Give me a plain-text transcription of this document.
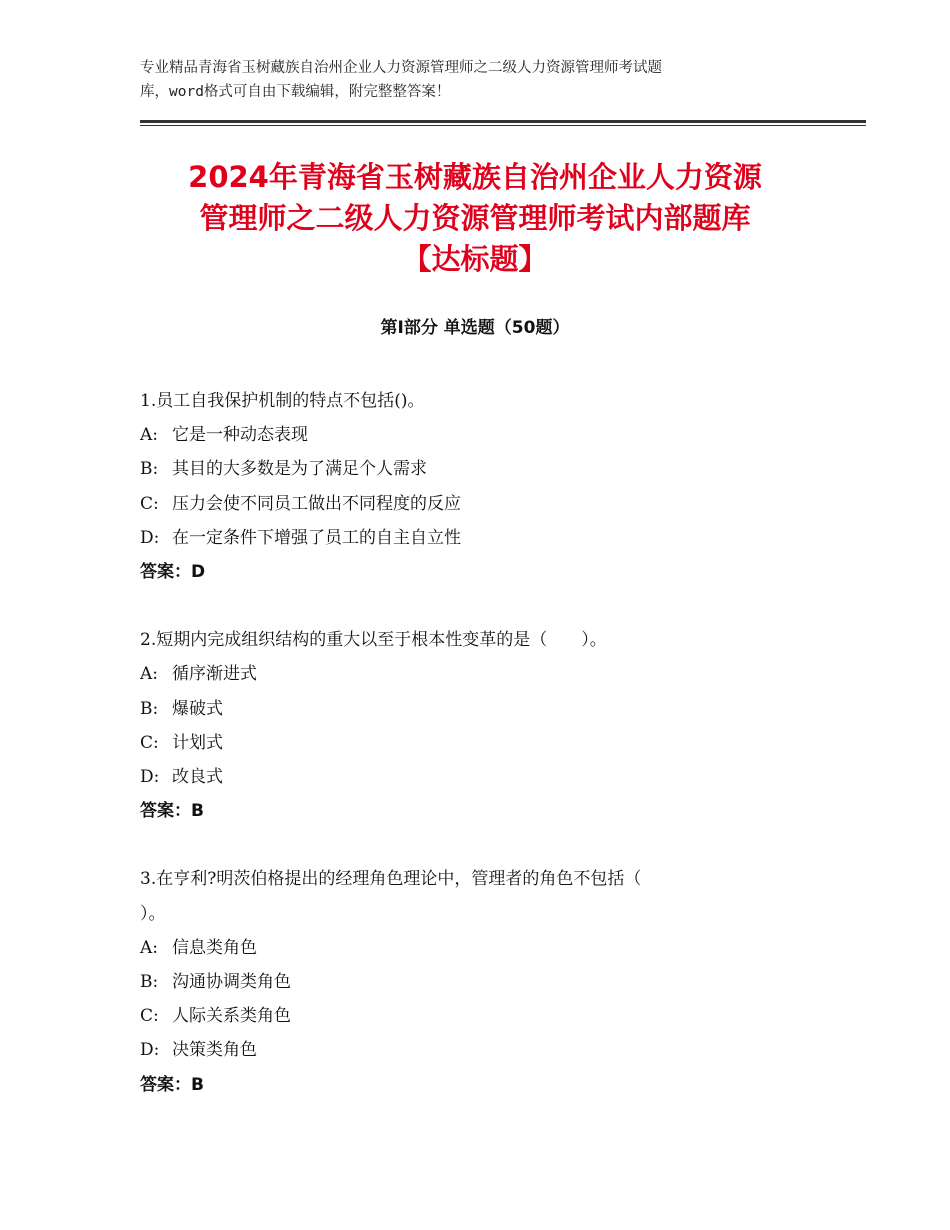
专业精品青海省玉树藏族自治州企业人力资源管理师之二级人力资源管理师考试题
库，word格式可自由下载编辑，附完整整答案！
2024年青海省玉树藏族自治州企业人力资源
管理师之二级人力资源管理师考试内部题库
【达标题】
第Ⅰ部分 单选题（50题）
1.员工自我保护机制的特点不包括()。
A: 它是一种动态表现
B: 其目的大多数是为了满足个人需求
C: 压力会使不同员工做出不同程度的反应
D: 在一定条件下增强了员工的自主自立性
答案：D
2.短期内完成组织结构的重大以至于根本性变革的是（　　）。
A: 循序渐进式
B: 爆破式
C: 计划式
D: 改良式
答案：B
3.在亨利?明茨伯格提出的经理角色理论中，管理者的角色不包括（
）。
A: 信息类角色
B: 沟通协调类角色
C: 人际关系类角色
D: 决策类角色
答案：B
